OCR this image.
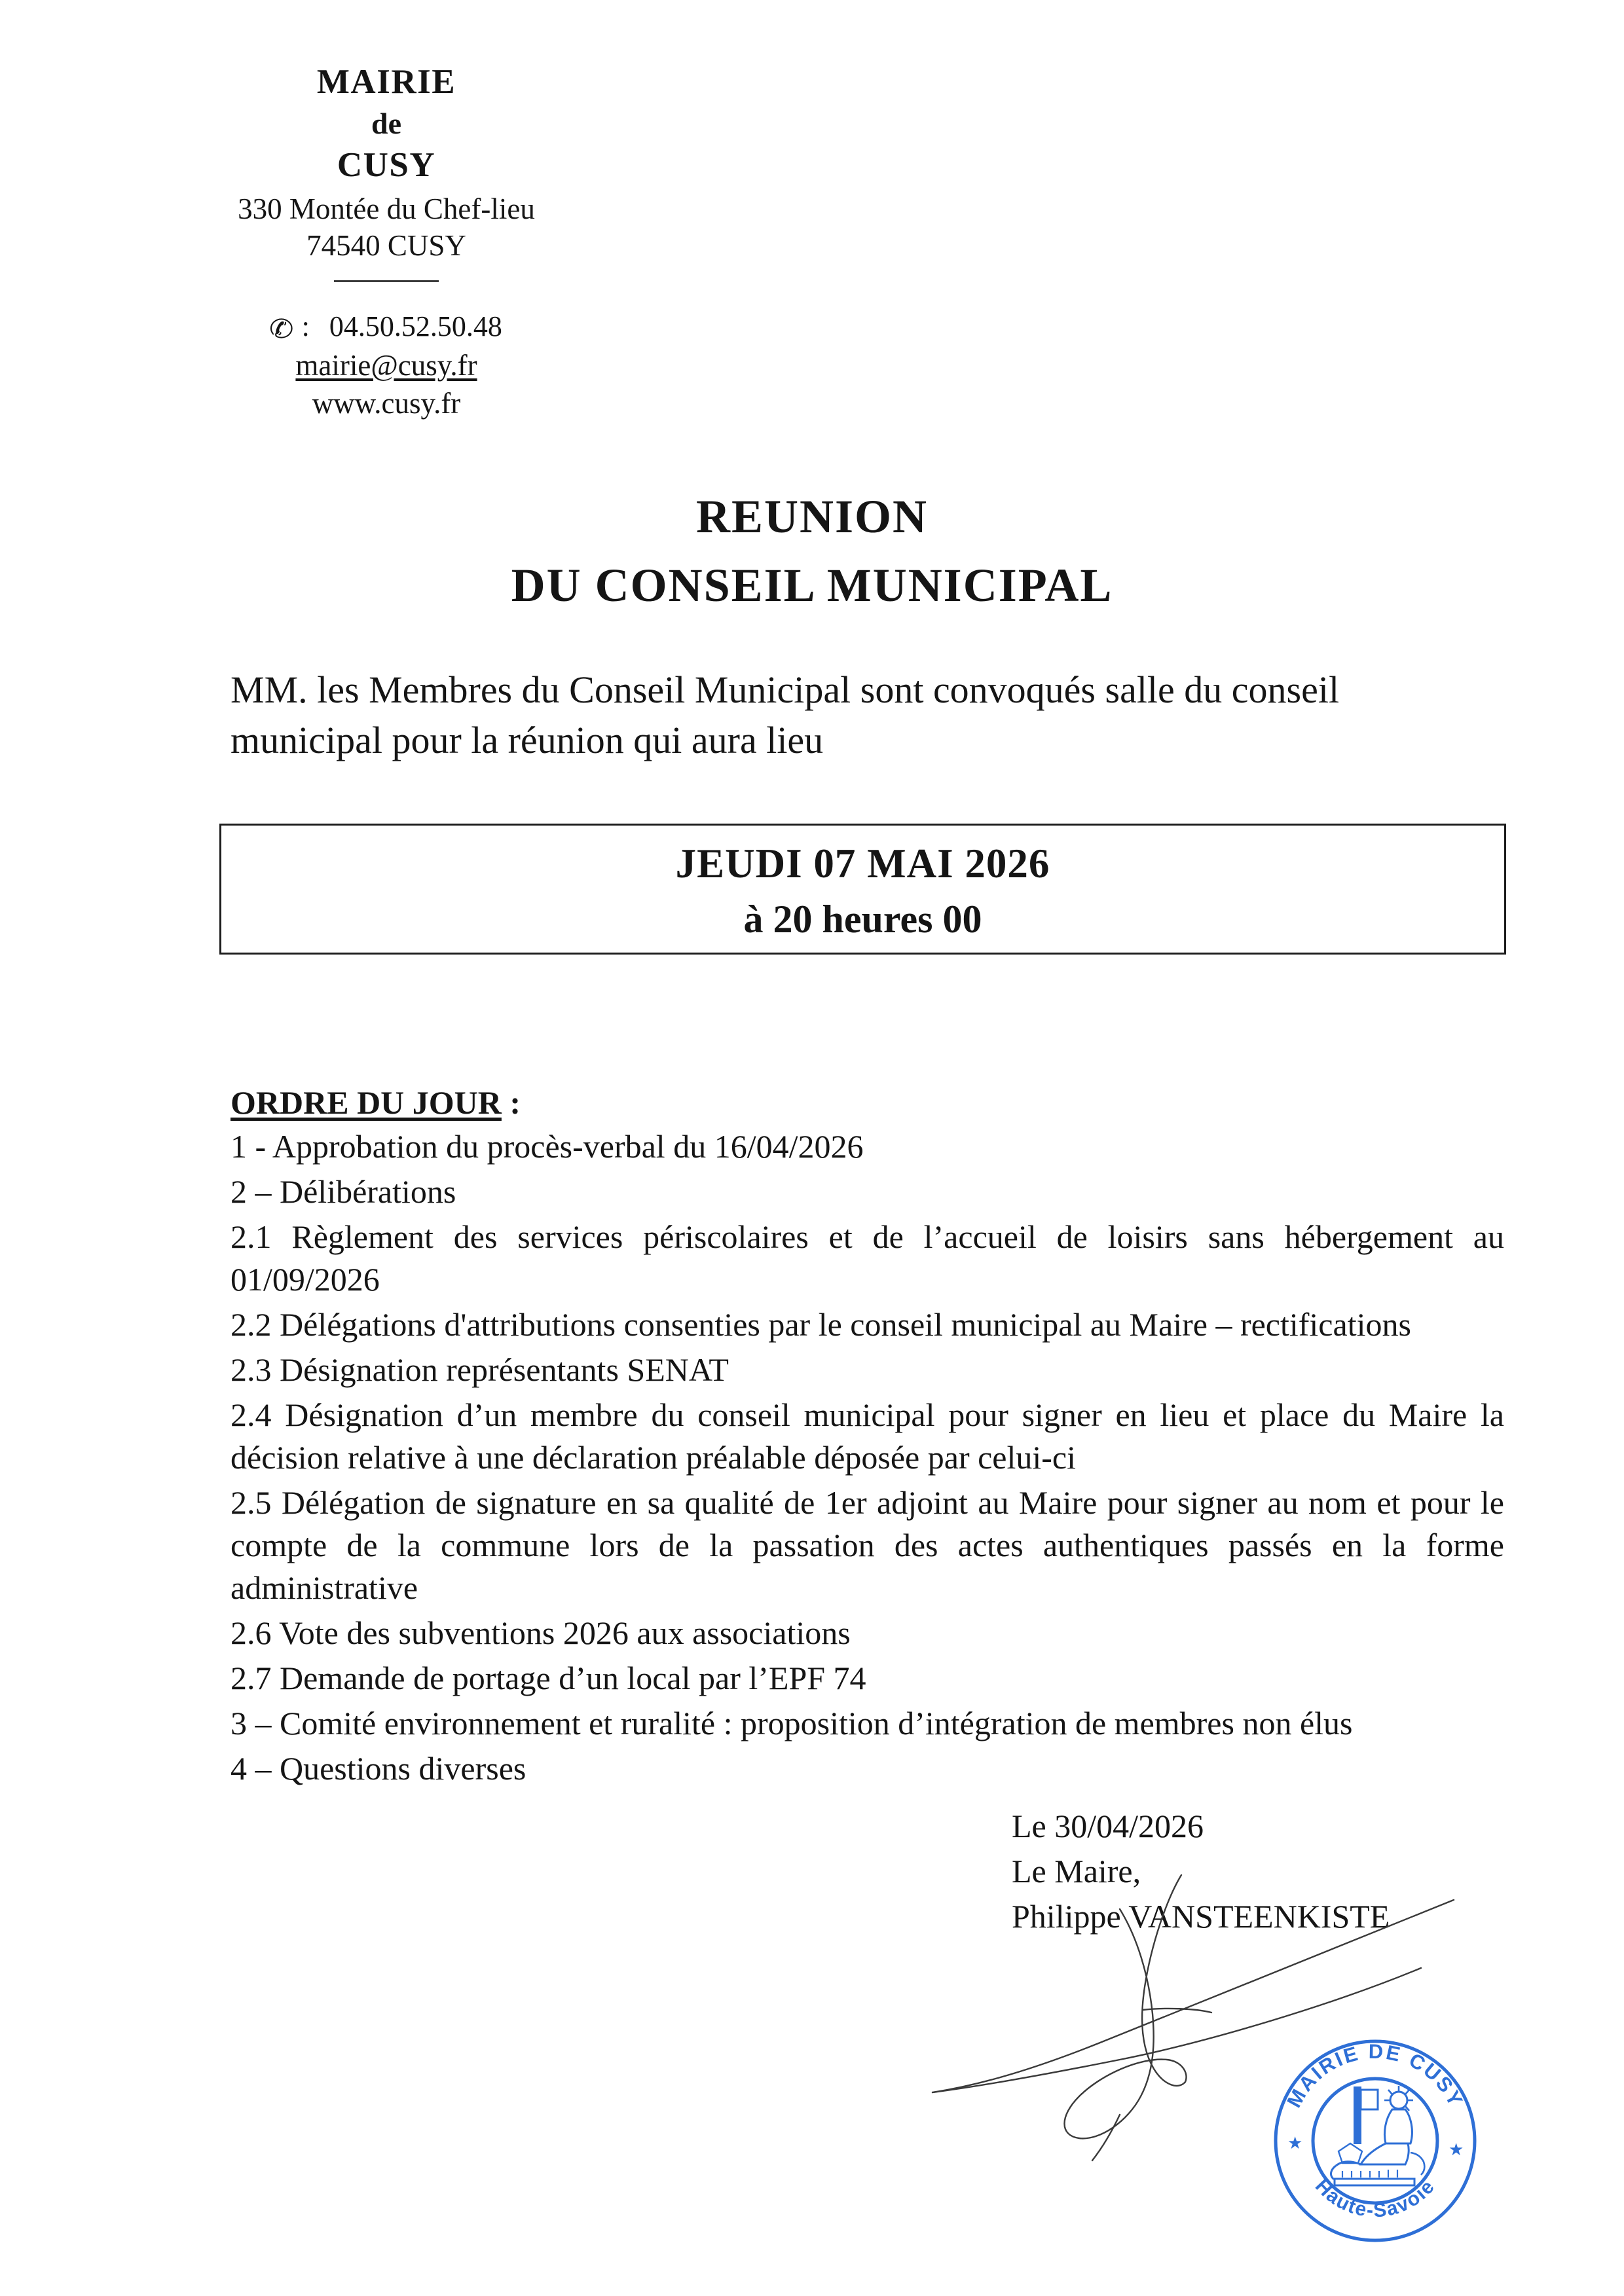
MAIRIE
de
CUSY
330 Montée du Chef-lieu
74540 CUSY
✆ : 04.50.52.50.48
mairie@cusy.fr
www.cusy.fr
REUNION
DU CONSEIL MUNICIPAL
MM. les Membres du Conseil Municipal sont convoqués salle du conseil municipal pour la réunion qui aura lieu
JEUDI 07 MAI 2026
à 20 heures 00
ORDRE DU JOUR :
1 - Approbation du procès-verbal du 16/04/2026
2 – Délibérations
2.1 Règlement des services périscolaires et de l’accueil de loisirs sans hébergement au 01/09/2026
2.2 Délégations d'attributions consenties par le conseil municipal au Maire – rectifications
2.3 Désignation représentants SENAT
2.4 Désignation d’un membre du conseil municipal pour signer en lieu et place du Maire la décision relative à une déclaration préalable déposée par celui-ci
2.5 Délégation de signature en sa qualité de 1er adjoint au Maire pour signer au nom et pour le compte de la commune lors de la passation des actes authentiques passés en la forme administrative
2.6 Vote des subventions 2026 aux associations
2.7 Demande de portage d’un local par l’EPF 74
3 – Comité environnement et ruralité : proposition d’intégration de membres non élus
4 – Questions diverses
Le 30/04/2026
Le Maire,
Philippe VANSTEENKISTE
MAIRIE DE CUSY
Haute-Savoie
★	★
